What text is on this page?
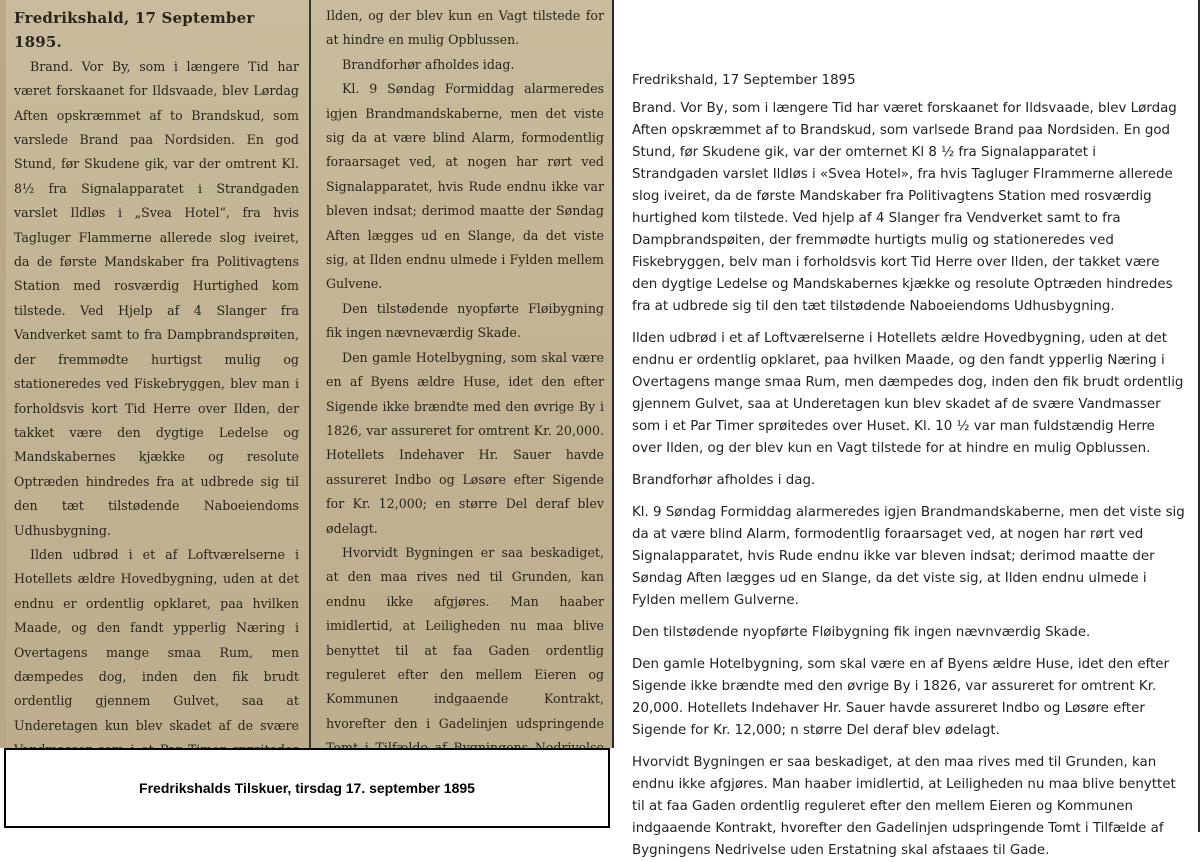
Fredrikshald, 17 September 1895.

Brand. Vor By, som i længere Tid har været forskaanet for Ildsvaade, blev Lørdag Aften opskræmmet af to Brandskud, som varslede Brand paa Nordsiden. En god Stund, før Skudene gik, var der omtrent Kl. 8½ fra Signalapparatet i Strandgaden varslet Ildløs i „Svea Hotel“, fra hvis Tagluger Flammerne allerede slog iveiret, da de første Mandskaber fra Politivagtens Station med rosværdig Hurtighed kom tilstede. Ved Hjelp af 4 Slanger fra Vandverket samt to fra Dampbrandsprøiten, der fremmødte hurtigst mulig og stationeredes ved Fiskebryggen, blev man i forholdsvis kort Tid Herre over Ilden, der takket være den dygtige Ledelse og Mandskabernes kjække og resolute Optræden hindredes fra at udbrede sig til den tæt tilstødende Naboeiendoms Udhusbygning.

Ilden udbrød i et af Loftværelserne i Hotellets ældre Hovedbygning, uden at det endnu er ordentlig opklaret, paa hvilken Maade, og den fandt ypperlig Næring i Overtagens mange smaa Rum, men dæmpedes dog, inden den fik brudt ordentlig gjennem Gulvet, saa at Underetagen kun blev skadet af de svære

Ilden, og der blev kun en Vagt tilstede for at hindre en mulig Opblussen.

Brandforhør afholdes idag.

Kl. 9 Søndag Formiddag alarmeredes igjen Brandmandskaberne, men det viste sig da at være blind Alarm, formodentlig foraarsaget ved, at nogen har rørt ved Signalapparatet, hvis Rude endnu ikke var bleven indsat; derimod maatte der Søndag Aften lægges ud en Slange, da det viste sig, at Ilden endnu ulmede i Fylden mellem Gulvene.

Den tilstødende nyopførte Fløibygning fik ingen nævneværdig Skade.

Den gamle Hotelbygning, som skal være en af Byens ældre Huse, idet den efter Sigende ikke brændte med den øvrige By i 1826, var assureret for omtrent Kr. 20,000. Hotellets Indehaver Hr. Sauer havde assureret Indbo og Løsøre efter Sigende for Kr. 12,000; en større Del deraf blev ødelagt.

Hvorvidt Bygningen er saa beskadiget, at den maa rives ned til Grunden, kan endnu ikke afgjøres. Man haaber imidlertid, at Leiligheden nu maa blive benyttet til at faa Gaden ordentlig reguleret efter den mellem Eieren og Kommunen indgaaende Kontrakt, hvorefter den i Gadelinjen udspringende

Fredrikshalds Tilskuer, tirsdag 17. september 1895

Fredrikshald, 17 September 1895

Brand. Vor By, som i længere Tid har været forskaanet for Ildsvaade, blev Lørdag Aften opskræmmet af to Brandskud, som varlsede Brand paa Nordsiden. En god Stund, før Skudene gik, var der omternet Kl 8 ½ fra Signalapparatet i Strandgaden varslet Ildløs i «Svea Hotel», fra hvis Tagluger Flrammerne allerede slog iveiret, da de første Mandskaber fra Politivagtens Station med rosværdig hurtighed kom tilstede. Ved hjelp af 4 Slanger fra Vendverket samt to fra Dampbrandspøiten, der fremmødte hurtigts mulig og stationeredes ved Fiskebryggen, belv man i forholdsvis kort Tid Herre over Ilden, der takket være den dygtige Ledelse og Mandskabernes kjække og resolute Optræden hindredes fra at udbrede sig til den tæt tilstødende Naboeiendoms Udhusbygning.

Ilden udbrød i et af Loftværelserne i Hotellets ældre Hovedbygning, uden at det endnu er ordentlig opklaret, paa hvilken Maade, og den fandt ypperlig Næring i Overtagens mange smaa Rum, men dæmpedes dog, inden den fik brudt ordentlig gjennem Gulvet, saa at Underetagen kun blev skadet af de svære Vandmasser som i et Par Timer sprøitedes over Huset. Kl. 10 ½ var man fuldstændig Herre over Ilden, og der blev kun en Vagt tilstede for at hindre en mulig Opblussen.

Brandforhør afholdes i dag.

Kl. 9 Søndag Formiddag alarmeredes igjen Brandmandskaberne, men det viste sig da at være blind Alarm, formodentlig foraarsaget ved, at nogen har rørt ved Signalapparatet, hvis Rude endnu ikke var bleven indsat; derimod maatte der Søndag Aften lægges ud en Slange, da det viste sig, at Ilden endnu ulmede i Fylden mellem Gulverne.

Den tilstødende nyopførte Fløibygning fik ingen nævnværdig Skade.

Den gamle Hotelbygning, som skal være en af Byens ældre Huse, idet den efter Sigende ikke brændte med den øvrige By i 1826, var assureret for omtrent Kr. 20,000. Hotellets Indehaver Hr. Sauer havde assureret Indbo og Løsøre efter Sigende for Kr. 12,000; n større Del deraf blev ødelagt.

Hvorvidt Bygningen er saa beskadiget, at den maa rives med til Grunden, kan endnu ikke afgjøres. Man haaber imidlertid, at Leiligheden nu maa blive benyttet til at faa Gaden ordentlig reguleret efter den mellem Eieren og Kommunen indgaaende Kontrakt, hvorefter den Gadelinjen udspringende Tomt i Tilfælde af Bygningens Nedrivelse uden Erstatning skal afstaaes til Gade.
